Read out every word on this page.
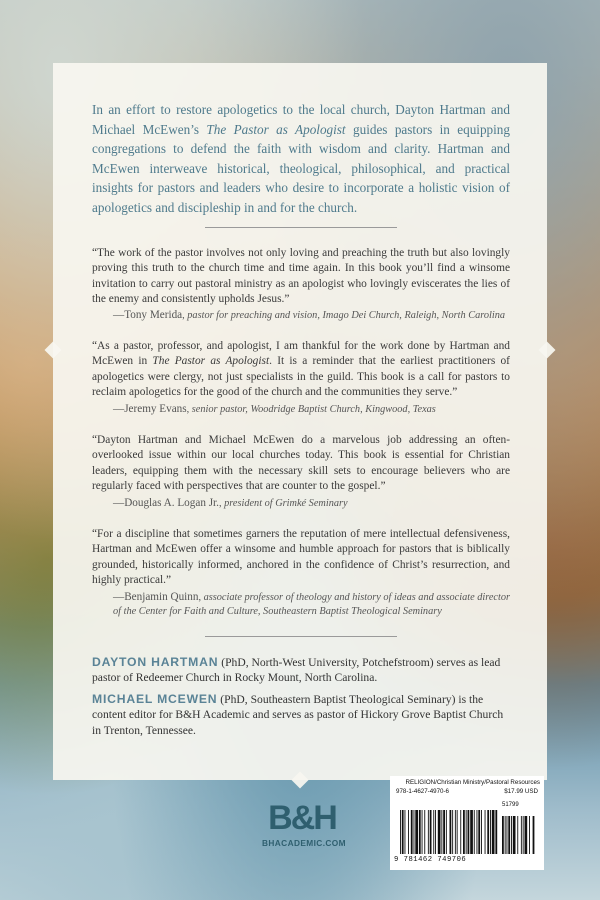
In an effort to restore apologetics to the local church, Dayton Hartman and Michael McEwen’s The Pastor as Apologist guides pastors in equipping congregations to defend the faith with wisdom and clarity. Hartman and McEwen interweave historical, theological, philosophical, and practical insights for pastors and leaders who desire to incorporate a holistic vision of apologetics and discipleship in and for the church.
“The work of the pastor involves not only loving and preaching the truth but also lovingly proving this truth to the church time and time again. In this book you’ll find a winsome invitation to carry out pastoral ministry as an apologist who lovingly eviscerates the lies of the enemy and consistently upholds Jesus.”
—Tony Merida, pastor for preaching and vision, Imago Dei Church, Raleigh, North Carolina
“As a pastor, professor, and apologist, I am thankful for the work done by Hartman and McEwen in The Pastor as Apologist. It is a reminder that the earliest practitioners of apologetics were clergy, not just specialists in the guild. This book is a call for pastors to reclaim apologetics for the good of the church and the communities they serve.”
—Jeremy Evans, senior pastor, Woodridge Baptist Church, Kingwood, Texas
“Dayton Hartman and Michael McEwen do a marvelous job addressing an often-overlooked issue within our local churches today. This book is essential for Christian leaders, equipping them with the necessary skill sets to encourage believers who are regularly faced with perspectives that are counter to the gospel.”
—Douglas A. Logan Jr., president of Grimké Seminary
“For a discipline that sometimes garners the reputation of mere intellectual defensiveness, Hartman and McEwen offer a winsome and humble approach for pastors that is biblically grounded, historically informed, anchored in the confidence of Christ’s resurrection, and highly practical.”
—Benjamin Quinn, associate professor of theology and history of ideas and associate director of the Center for Faith and Culture, Southeastern Baptist Theological Seminary
DAYTON HARTMAN (PhD, North-West University, Potchefstroom) serves as lead pastor of Redeemer Church in Rocky Mount, North Carolina.
MICHAEL MCEWEN (PhD, Southeastern Baptist Theological Seminary) is the content editor for B&H Academic and serves as pastor of Hickory Grove Baptist Church in Trenton, Tennessee.
B&H
BHACADEMIC.COM
RELIGION/Christian Ministry/Pastoral Resources
978-1-4627-4970-6	$17.99 USD
51799
9 781462 749706
